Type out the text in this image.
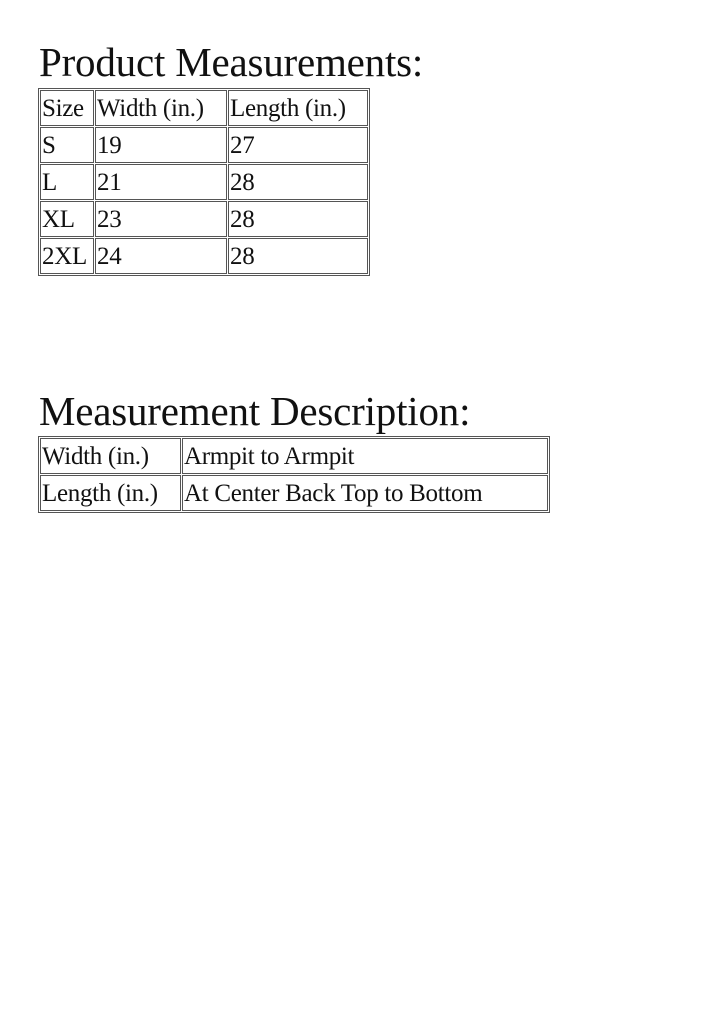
Product Measurements:
Size	Width (in.)	Length (in.)
S	19	27
L	21	28
XL	23	28
2XL	24	28
Measurement Description:
Width (in.)	Armpit to Armpit
Length (in.)	At Center Back Top to Bottom
